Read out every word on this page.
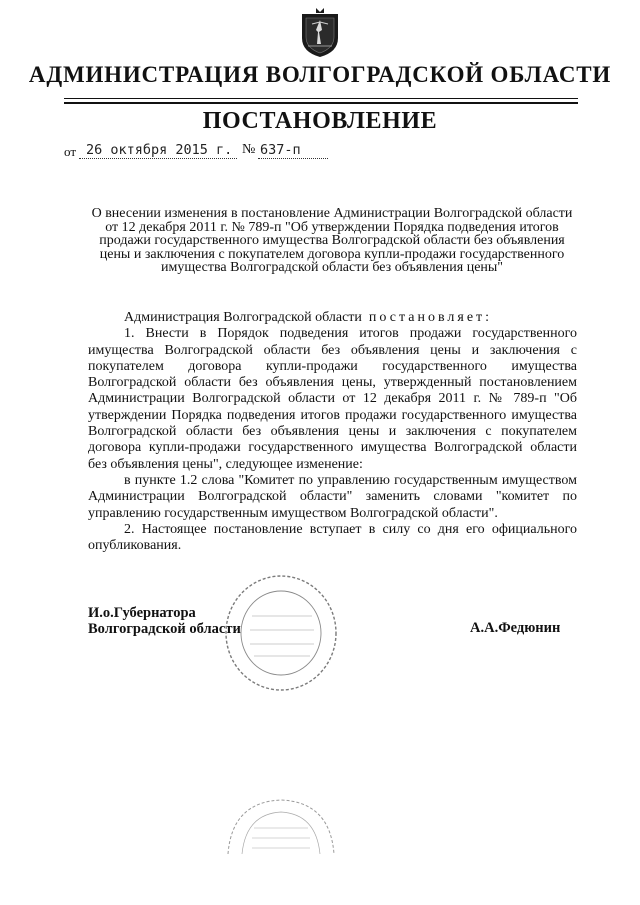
АДМИНИСТРАЦИЯ ВОЛГОГРАДСКОЙ ОБЛАСТИ
ПОСТАНОВЛЕНИЕ
от 26 октября 2015 г. № 637-п
О внесении изменения в постановление Администрации Волгоградской области от 12 декабря 2011 г. № 789-п "Об утверждении Порядка подведения итогов продажи государственного имущества Волгоградской области без объявления цены и заключения с покупателем договора купли-продажи государственного имущества Волгоградской области без объявления цены"

Администрация Волгоградской области постановляет:

1. Внести в Порядок подведения итогов продажи государственного имущества Волгоградской области без объявления цены и заключения с покупателем договора купли-продажи государственного имущества Волгоградской области без объявления цены, утвержденный постановлением Администрации Волгоградской области от 12 декабря 2011 г. № 789-п "Об утверждении Порядка подведения итогов продажи государственного имущества Волгоградской области без объявления цены и заключения с покупателем договора купли-продажи государственного имущества Волгоградской области без объявления цены", следующее изменение:

в пункте 1.2 слова "Комитет по управлению государственным имуществом Администрации Волгоградской области" заменить словами "комитет по управлению государственным имуществом Волгоградской области".

2. Настоящее постановление вступает в силу со дня его официального опубликования.

И.о.Губернатора
Волгоградской области	А.А.Федюнин
